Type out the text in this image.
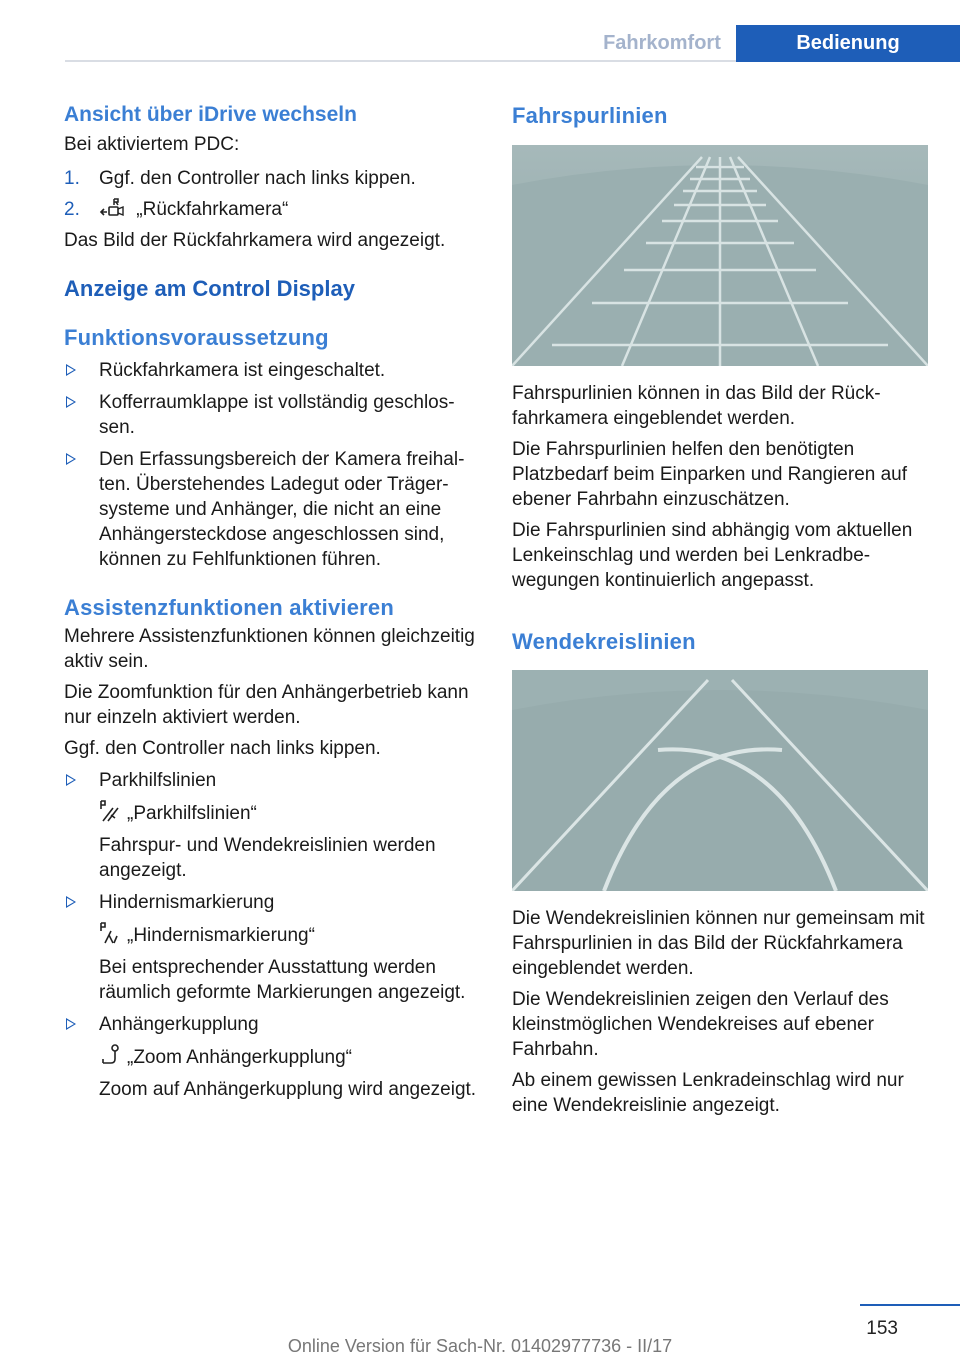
Fahrkomfort	Bedienung
Ansicht über iDrive wechseln

Bei aktiviertem PDC:

1. Ggf. den Controller nach links kippen.
2.	„Rückfahrkamera“

Das Bild der Rückfahrkamera wird angezeigt.

Anzeige am Control Display
Funktionsvoraussetzung
Rückfahrkamera ist eingeschaltet.
Kofferraumklappe ist vollständig geschlossen.
Den Erfassungsbereich der Kamera freihalten. Überstehendes Ladegut oder Trägersysteme und Anhänger, die nicht an eine Anhängersteckdose angeschlossen sind, können zu Fehlfunktionen führen.
Assistenzfunktionen aktivieren

Mehrere Assistenzfunktionen können gleichzeitig aktiv sein.

Die Zoomfunktion für den Anhängerbetrieb kann nur einzeln aktiviert werden.

Ggf. den Controller nach links kippen.

Parkhilfslinien
„Parkhilfslinien“
Fahrspur- und Wendekreislinien werden angezeigt.
Hindernismarkierung
„Hindernismarkierung“
Bei entsprechender Ausstattung werden räumlich geformte Markierungen angezeigt.
Anhängerkupplung
„Zoom Anhängerkupplung“
Zoom auf Anhängerkupplung wird angezeigt.
Fahrspurlinien

Fahrspurlinien können in das Bild der Rückfahrkamera eingeblendet werden.

Die Fahrspurlinien helfen den benötigten Platzbedarf beim Einparken und Rangieren auf ebener Fahrbahn einzuschätzen.

Die Fahrspurlinien sind abhängig vom aktuellen Lenkeinschlag und werden bei Lenkradbewegungen kontinuierlich angepasst.

Wendekreislinien

Die Wendekreislinien können nur gemeinsam mit Fahrspurlinien in das Bild der Rückfahrkamera eingeblendet werden.

Die Wendekreislinien zeigen den Verlauf des kleinstmöglichen Wendekreises auf ebener Fahrbahn.

Ab einem gewissen Lenkradeinschlag wird nur eine Wendekreislinie angezeigt.

153
Online Version für Sach-Nr. 01402977736 - II/17
